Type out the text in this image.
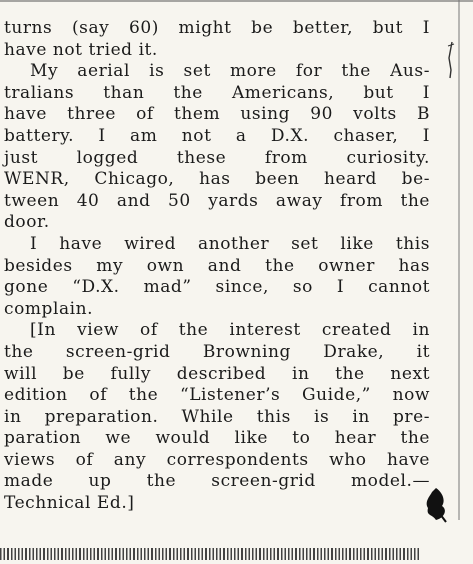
turns (say 60) might be better, but I
have not tried it.
My aerial is set more for the Aus-
tralians than the Americans, but I
have three of them using 90 volts B
battery. I am not a D.X. chaser, I
just logged these from curiosity.
WENR, Chicago, has been heard be-
tween 40 and 50 yards away from the
door.
I have wired another set like this
besides my own and the owner has
gone “D.X. mad” since, so I cannot
complain.
[In view of the interest created in
the screen-grid Browning Drake, it
will be fully described in the next
edition of the “Listener’s Guide,” now
in preparation. While this is in pre-
paration we would like to hear the
views of any correspondents who have
made up the screen-grid model.—
Technical Ed.]
